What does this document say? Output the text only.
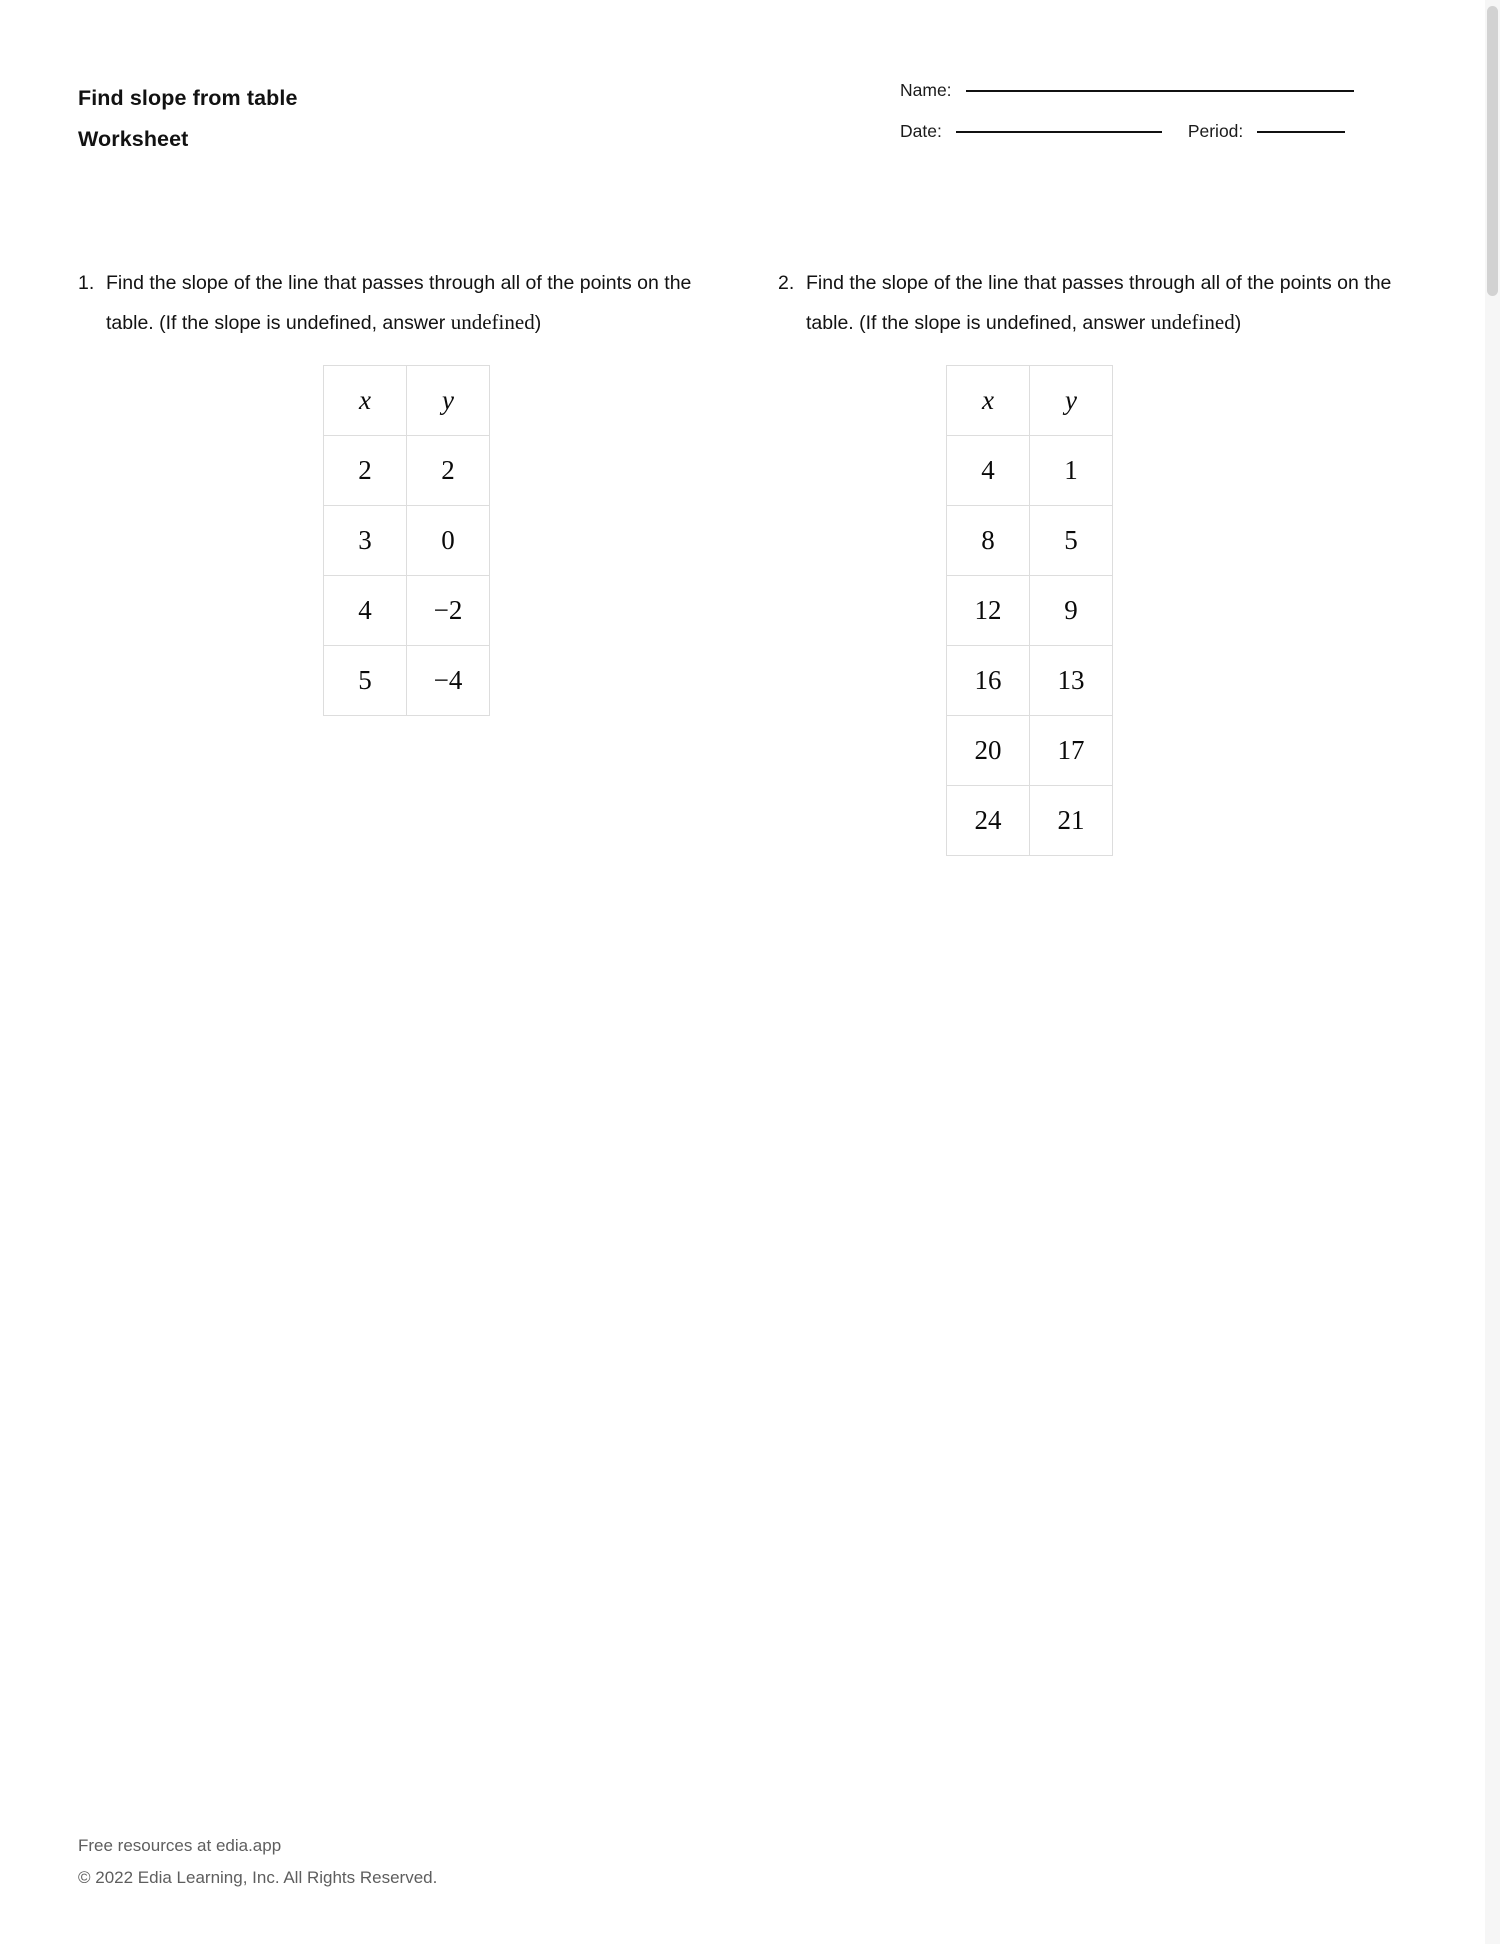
Find slope from table
Worksheet
Name:
Date:	Period:
1. Find the slope of the line that passes through all of the points on the table. (If the slope is undefined, answer undefined)
x	y
2	2
3	0
4	−2
5	−4
2. Find the slope of the line that passes through all of the points on the table. (If the slope is undefined, answer undefined)
x	y
4	1
8	5
12	9
16	13
20	17
24	21
Free resources at edia.app
© 2022 Edia Learning, Inc. All Rights Reserved.
